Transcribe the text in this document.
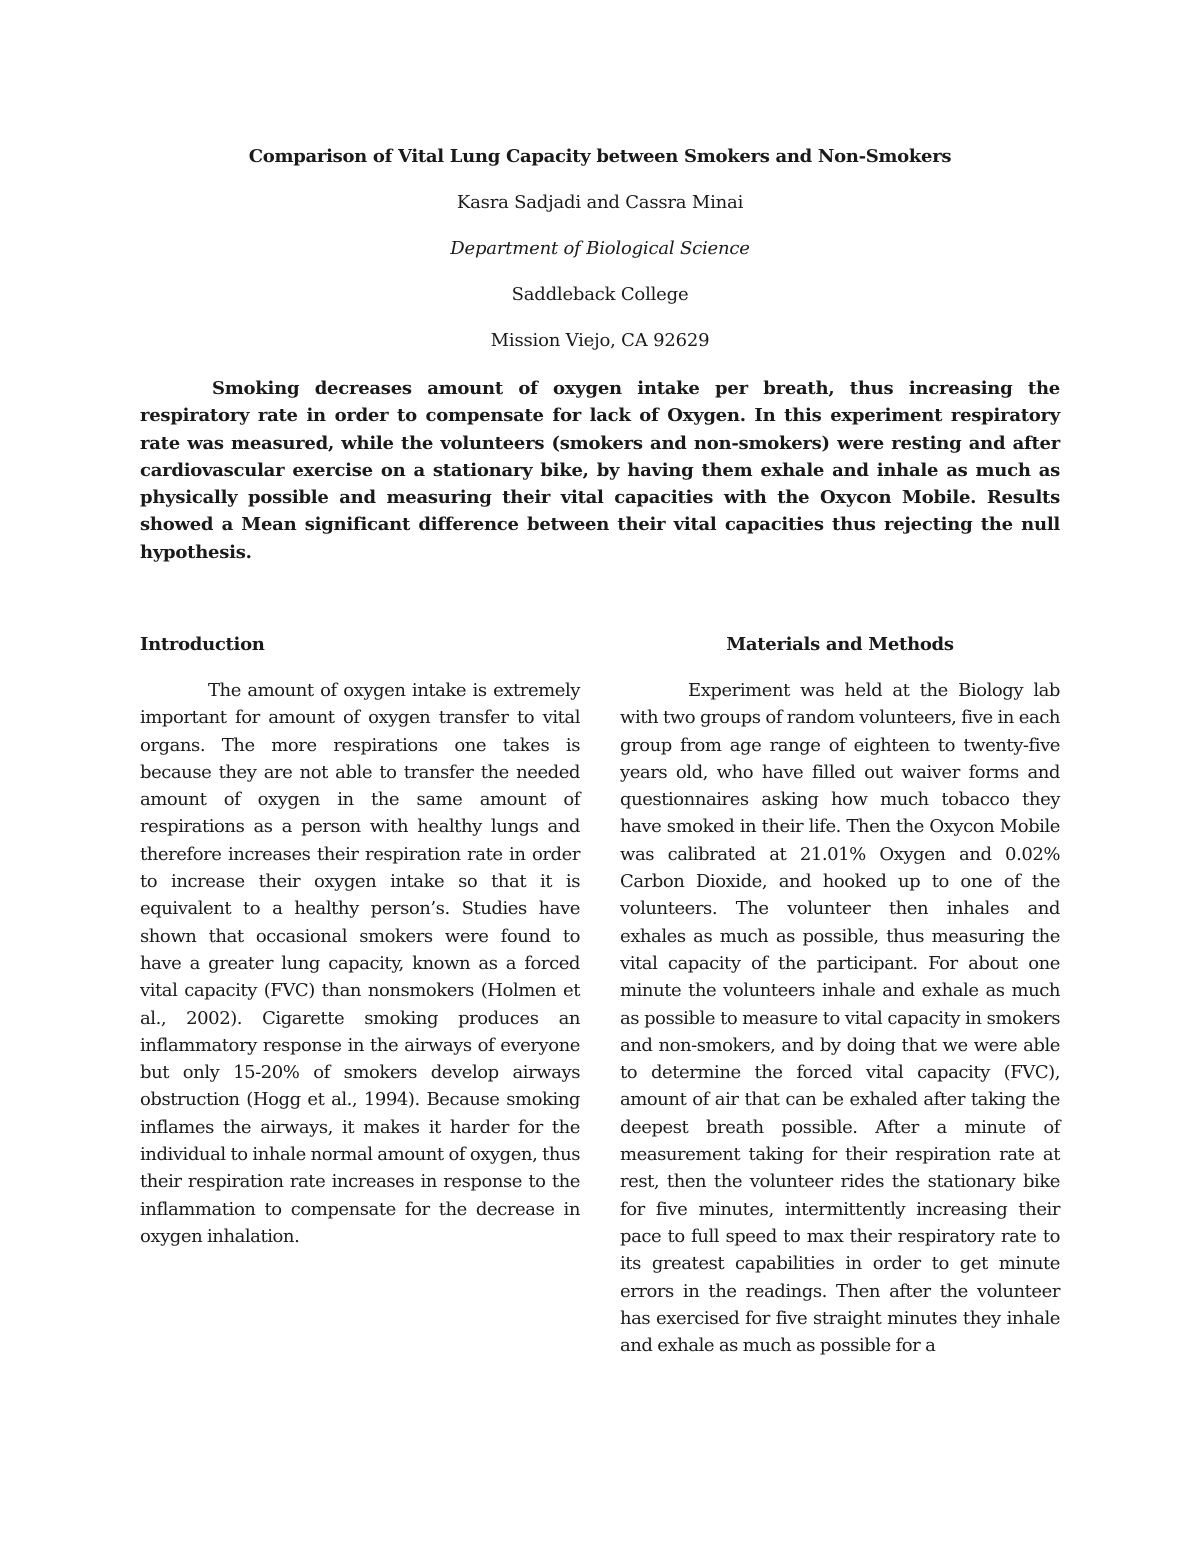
Comparison of Vital Lung Capacity between Smokers and Non-Smokers

Kasra Sadjadi and Cassra Minai

Department of Biological Science

Saddleback College

Mission Viejo, CA 92629

Smoking decreases amount of oxygen intake per breath, thus increasing the respiratory rate in order to compensate for lack of Oxygen. In this experiment respiratory rate was measured, while the volunteers (smokers and non-smokers) were resting and after cardiovascular exercise on a stationary bike, by having them exhale and inhale as much as physically possible and measuring their vital capacities with the Oxycon Mobile. Results showed a Mean significant difference between their vital capacities thus rejecting the null hypothesis.

Introduction

The amount of oxygen intake is extremely important for amount of oxygen transfer to vital organs. The more respirations one takes is because they are not able to transfer the needed amount of oxygen in the same amount of respirations as a person with healthy lungs and therefore increases their respiration rate in order to increase their oxygen intake so that it is equivalent to a healthy person’s. Studies have shown that occasional smokers were found to have a greater lung capacity, known as a forced vital capacity (FVC) than nonsmokers (Holmen et al., 2002). Cigarette smoking produces an inflammatory response in the airways of everyone but only 15-20% of smokers develop airways obstruction (Hogg et al., 1994). Because smoking inflames the airways, it makes it harder for the individual to inhale normal amount of oxygen, thus their respiration rate increases in response to the inflammation to compensate for the decrease in oxygen inhalation.

Materials and Methods

Experiment was held at the Biology lab with two groups of random volunteers, five in each group from age range of eighteen to twenty-five years old, who have filled out waiver forms and questionnaires asking how much tobacco they have smoked in their life. Then the Oxycon Mobile was calibrated at 21.01% Oxygen and 0.02% Carbon Dioxide, and hooked up to one of the volunteers. The volunteer then inhales and exhales as much as possible, thus measuring the vital capacity of the participant. For about one minute the volunteers inhale and exhale as much as possible to measure to vital capacity in smokers and non-smokers, and by doing that we were able to determine the forced vital capacity (FVC), amount of air that can be exhaled after taking the deepest breath possible. After a minute of measurement taking for their respiration rate at rest, then the volunteer rides the stationary bike for five minutes, intermittently increasing their pace to full speed to max their respiratory rate to its greatest capabilities in order to get minute errors in the readings. Then after the volunteer has exercised for five straight minutes they inhale and exhale as much as possible for a
